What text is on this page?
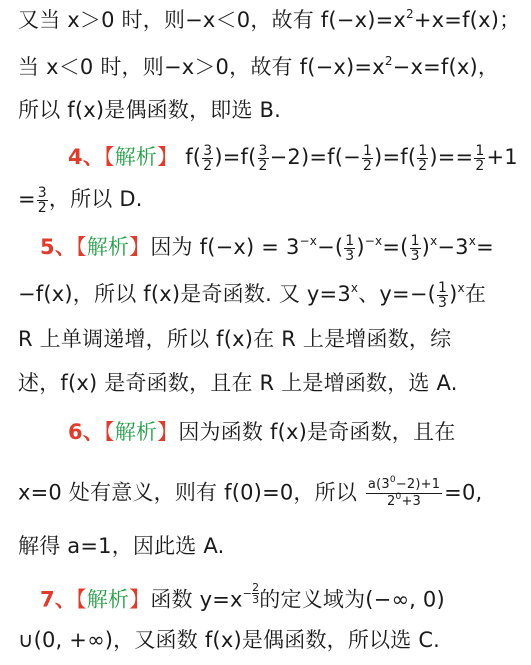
又当 x＞0 时，则−x＜0，故有 $f(-x)=x^2+x=f(x)$；
当 x＜0 时，则−x＞0，故有 $f(-x)=x^2-x=f(x)$，
所以 f(x)是偶函数，即选 B.
4、【解析】 $f( \frac{3}{2} )=f( \frac{3}{2} -2)=f(- \frac{1}{2} )=f( \frac{1}{2}$ )== $\frac{1}{2} +1$
= $\frac{3}{2}$ ，所以 D.
5、【解析】因为 $f(-x) = 3^{-x}-( \frac{1}{3} )^{-x}=( \frac{1}{3} )^x-3^x=$
−f(x)，所以 f(x)是奇函数. 又 $y=3^x$、$y=-( \frac{1}{3} )^x$在
R 上单调递增，所以 f(x)在 R 上是增函数，综
述，f(x) 是奇函数，且在 R 上是增函数，选 A.
6、【解析】因为函数 f(x)是奇函数，且在
x=0 处有意义，则有 f(0)=0，所以 $\frac{a(3^0-2)+1}{2^0+3} =0$,
解得 a=1，因此选 A.
7、【解析】函数 $y=x- \frac{2}{3}$ 的定义域为(−∞, 0)
∪(0, +∞)，又函数 f(x)是偶函数，所以选 C.
